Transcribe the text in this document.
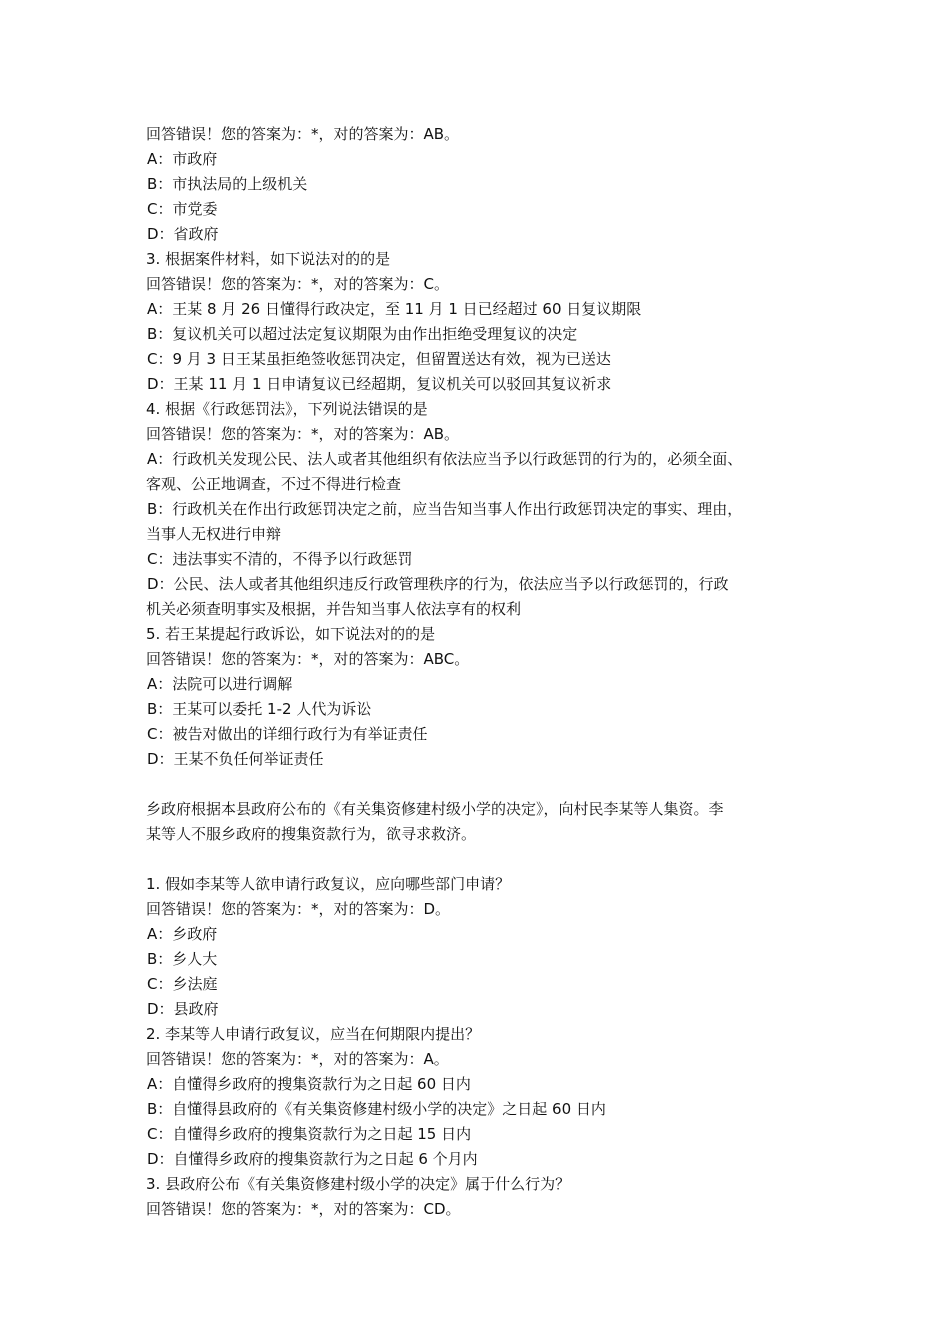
回答错误！您的答案为：*，对的答案为：AB。
A：市政府
B：市执法局的上级机关
C：市党委
D：省政府
3. 根据案件材料，如下说法对的的是
回答错误！您的答案为：*，对的答案为：C。
A：王某 8 月 26 日懂得行政决定，至 11 月 1 日已经超过 60 日复议期限
B：复议机关可以超过法定复议期限为由作出拒绝受理复议的决定
C：9 月 3 日王某虽拒绝签收惩罚决定，但留置送达有效，视为已送达
D：王某 11 月 1 日申请复议已经超期，复议机关可以驳回其复议祈求
4. 根据《行政惩罚法》，下列说法错误的是
回答错误！您的答案为：*，对的答案为：AB。
A：行政机关发现公民、法人或者其他组织有依法应当予以行政惩罚的行为的，必须全面、
客观、公正地调查，不过不得进行检查
B：行政机关在作出行政惩罚决定之前，应当告知当事人作出行政惩罚决定的事实、理由，
当事人无权进行申辩
C：违法事实不清的，不得予以行政惩罚
D：公民、法人或者其他组织违反行政管理秩序的行为，依法应当予以行政惩罚的，行政
机关必须查明事实及根据，并告知当事人依法享有的权利
5. 若王某提起行政诉讼，如下说法对的的是
回答错误！您的答案为：*，对的答案为：ABC。
A：法院可以进行调解
B：王某可以委托 1-2 人代为诉讼
C：被告对做出的详细行政行为有举证责任
D：王某不负任何举证责任
乡政府根据本县政府公布的《有关集资修建村级小学的决定》，向村民李某等人集资。李
某等人不服乡政府的搜集资款行为，欲寻求救济。
1. 假如李某等人欲申请行政复议，应向哪些部门申请？
回答错误！您的答案为：*，对的答案为：D。
A：乡政府
B：乡人大
C：乡法庭
D：县政府
2. 李某等人申请行政复议，应当在何期限内提出？
回答错误！您的答案为：*，对的答案为：A。
A：自懂得乡政府的搜集资款行为之日起 60 日内
B：自懂得县政府的《有关集资修建村级小学的决定》之日起 60 日内
C：自懂得乡政府的搜集资款行为之日起 15 日内
D：自懂得乡政府的搜集资款行为之日起 6 个月内
3. 县政府公布《有关集资修建村级小学的决定》属于什么行为？
回答错误！您的答案为：*，对的答案为：CD。
